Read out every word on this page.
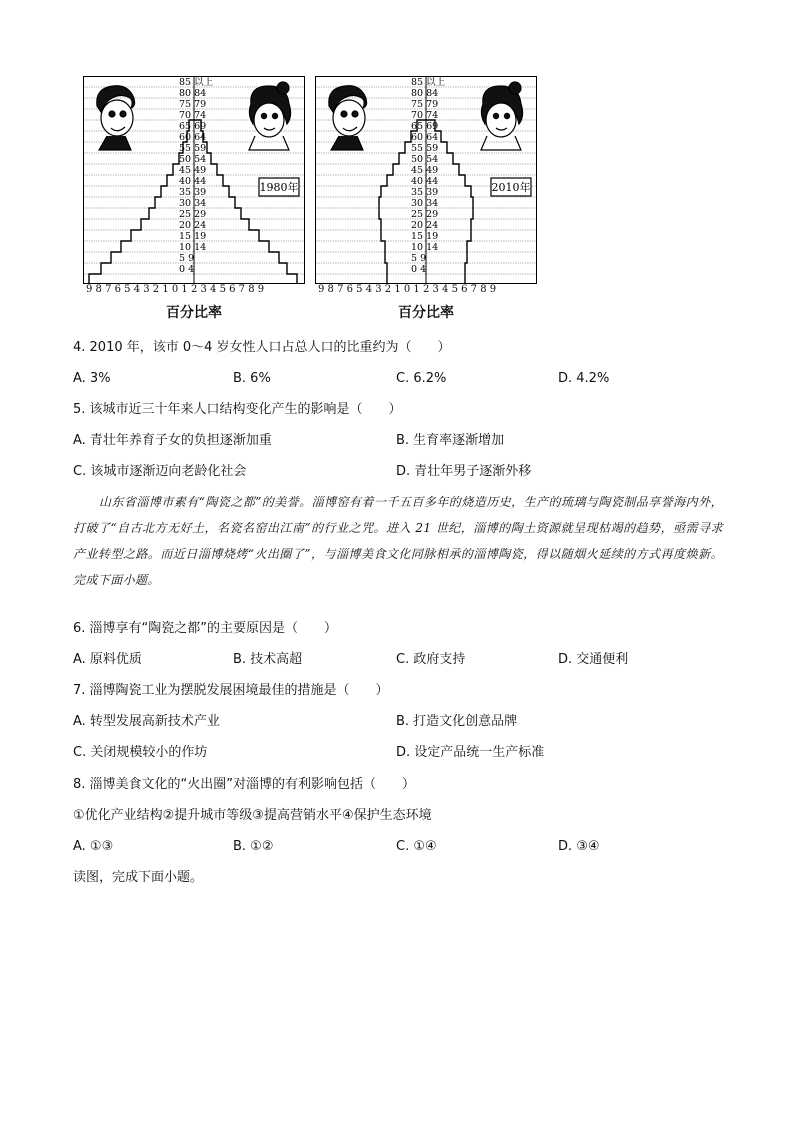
85 以上
80 84
75 79
70 74
65 69
60 64
55 59
50 54
45 49
40 44
35 39
30 34
25 29
20 24
15 19
10 14
5 9
0 4
1980年
85 以上
80 84
75 79
70 74
65 69
60 64
55 59
50 54
45 49
40 44
35 39
30 34
25 29
20 24
15 19
10 14
5 9
0 4
2010年
9 8 7 6 5 4 3 2 1 0 1 2 3 4 5 6 7 8 9	9 8 7 6 5 4 3 2 1 0 1 2 3 4 5 6 7 8 9
百分比率	百分比率
4. 2010 年，该市 0～4 岁女性人口占总人口的比重约为（　　）
A. 3%	B. 6%	C. 6.2%	D. 4.2%
5. 该城市近三十年来人口结构变化产生的影响是（　　）
A. 青壮年养育子女的负担逐渐加重	B. 生育率逐渐增加
C. 该城市逐渐迈向老龄化社会	D. 青壮年男子逐渐外移
山东省淄博市素有“陶瓷之都”的美誉。淄博窑有着一千五百多年的烧造历史，生产的琉璃与陶瓷制品享誉海内外，打破了“自古北方无好土，名瓷名窑出江南”的行业之咒。进入 21 世纪，淄博的陶土资源就呈现枯竭的趋势，亟需寻求产业转型之路。而近日淄博烧烤“火出圈了”，与淄博美食文化同脉相承的淄博陶瓷，得以随烟火延续的方式再度焕新。完成下面小题。
6. 淄博享有“陶瓷之都”的主要原因是（　　）
A. 原料优质	B. 技术高超	C. 政府支持	D. 交通便利
7. 淄博陶瓷工业为摆脱发展困境最佳的措施是（　　）
A. 转型发展高新技术产业	B. 打造文化创意品牌
C. 关闭规模较小的作坊	D. 设定产品统一生产标准
8. 淄博美食文化的“火出圈”对淄博的有利影响包括（　　）
①优化产业结构②提升城市等级③提高营销水平④保护生态环境
A. ①③	B. ①②	C. ①④	D. ③④
读图，完成下面小题。
